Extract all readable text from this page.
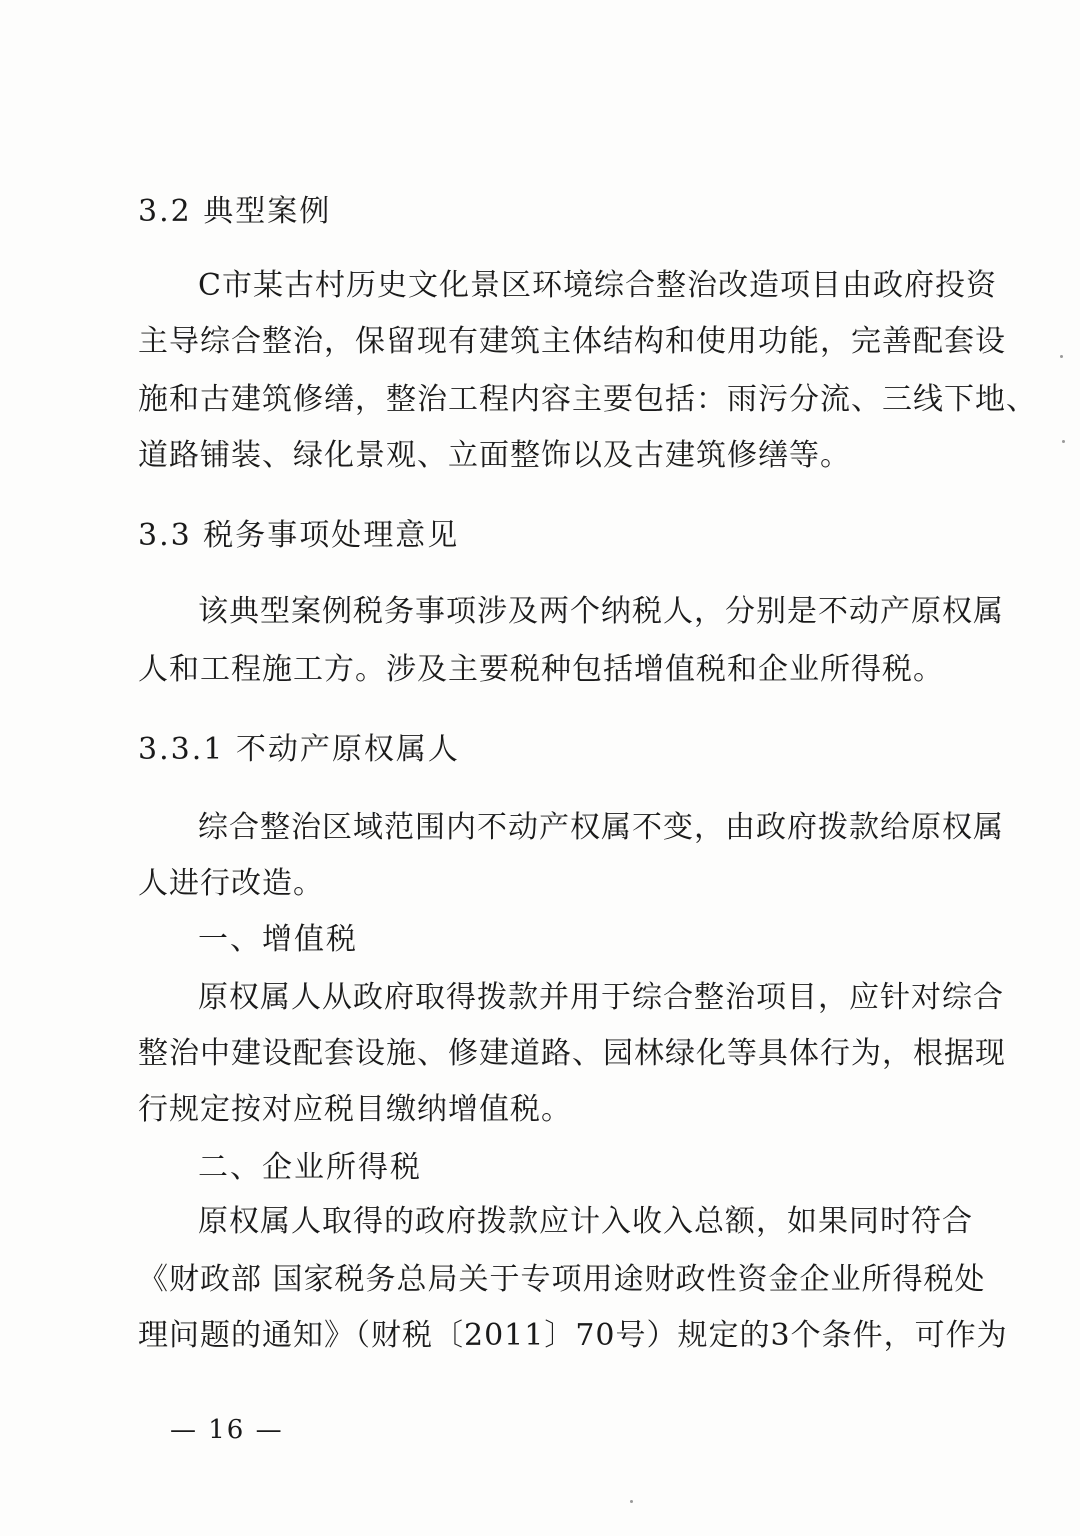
3.2 典型案例
C市某古村历史文化景区环境综合整治改造项目由政府投资
主导综合整治，保留现有建筑主体结构和使用功能，完善配套设
施和古建筑修缮，整治工程内容主要包括：雨污分流、三线下地、
道路铺装、绿化景观、立面整饰以及古建筑修缮等。
3.3 税务事项处理意见
该典型案例税务事项涉及两个纳税人，分别是不动产原权属
人和工程施工方。涉及主要税种包括增值税和企业所得税。
3.3.1 不动产原权属人
综合整治区域范围内不动产权属不变，由政府拨款给原权属
人进行改造。
一、增值税
原权属人从政府取得拨款并用于综合整治项目，应针对综合
整治中建设配套设施、修建道路、园林绿化等具体行为，根据现
行规定按对应税目缴纳增值税。
二、企业所得税
原权属人取得的政府拨款应计入收入总额，如果同时符合
《财政部 国家税务总局关于专项用途财政性资金企业所得税处
理问题的通知》（财税〔2011〕70号）规定的3个条件，可作为
— 16 —
